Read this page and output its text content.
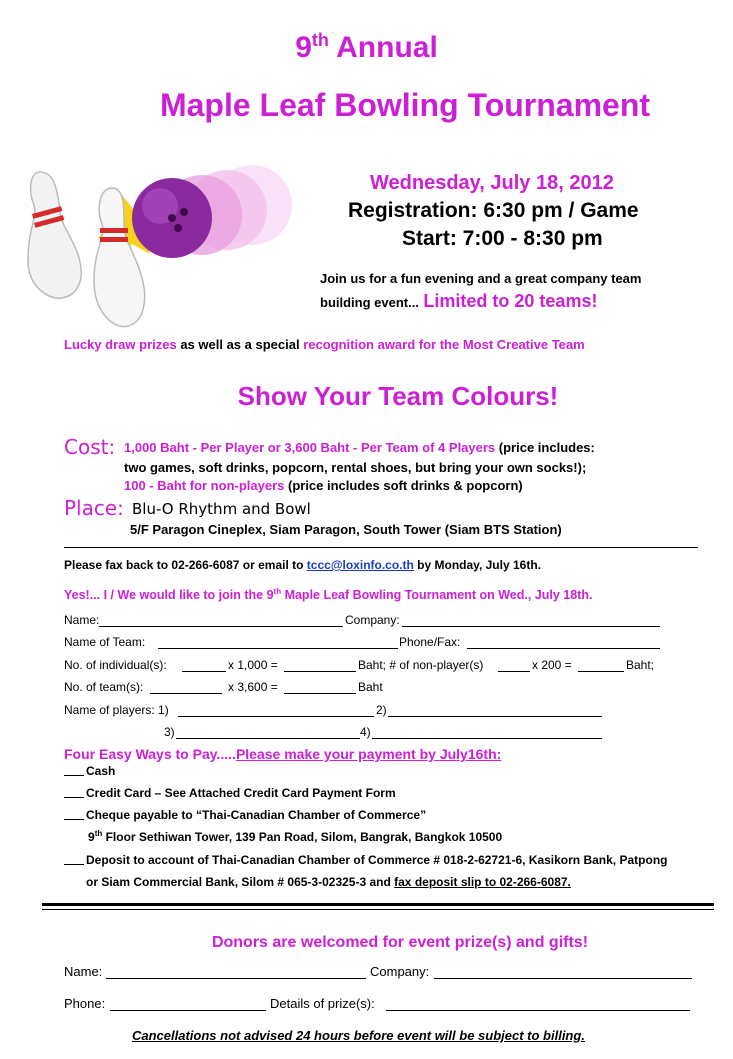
9th Annual
Maple Leaf Bowling Tournament
Wednesday, July 18, 2012
Registration: 6:30 pm / Game
Start: 7:00 - 8:30 pm
Join us for a fun evening and a great company team
building event... Limited to 20 teams!
Lucky draw prizes as well as a special recognition award for the Most Creative Team
Show Your Team Colours!
Cost: 1,000 Baht - Per Player or 3,600 Baht - Per Team of 4 Players (price includes:
two games, soft drinks, popcorn, rental shoes, but bring your own socks!);
100 - Baht for non-players (price includes soft drinks & popcorn)
Place: Blu-O Rhythm and Bowl
5/F Paragon Cineplex, Siam Paragon, South Tower (Siam BTS Station)
Please fax back to 02-266-6087 or email to tccc@loxinfo.co.th by Monday, July 16th.
Yes!... I / We would like to join the 9th Maple Leaf Bowling Tournament on Wed., July 18th.
Name:	Company:
Name of Team:	Phone/Fax:
No. of individual(s):	x 1,000 =	Baht; # of non-player(s)	x 200 =	Baht;
No. of team(s):	x 3,600 =	Baht
Name of players: 1)	2)
3)	4)
Four Easy Ways to Pay.....Please make your payment by July16th:
Cash
Credit Card – See Attached Credit Card Payment Form
Cheque payable to “Thai-Canadian Chamber of Commerce”
9th Floor Sethiwan Tower, 139 Pan Road, Silom, Bangrak, Bangkok 10500
Deposit to account of Thai-Canadian Chamber of Commerce # 018-2-62721-6, Kasikorn Bank, Patpong
or Siam Commercial Bank, Silom # 065-3-02325-3 and fax deposit slip to 02-266-6087.
Donors are welcomed for event prize(s) and gifts!
Name:	Company:
Phone:	Details of prize(s):
Cancellations not advised 24 hours before event will be subject to billing.
